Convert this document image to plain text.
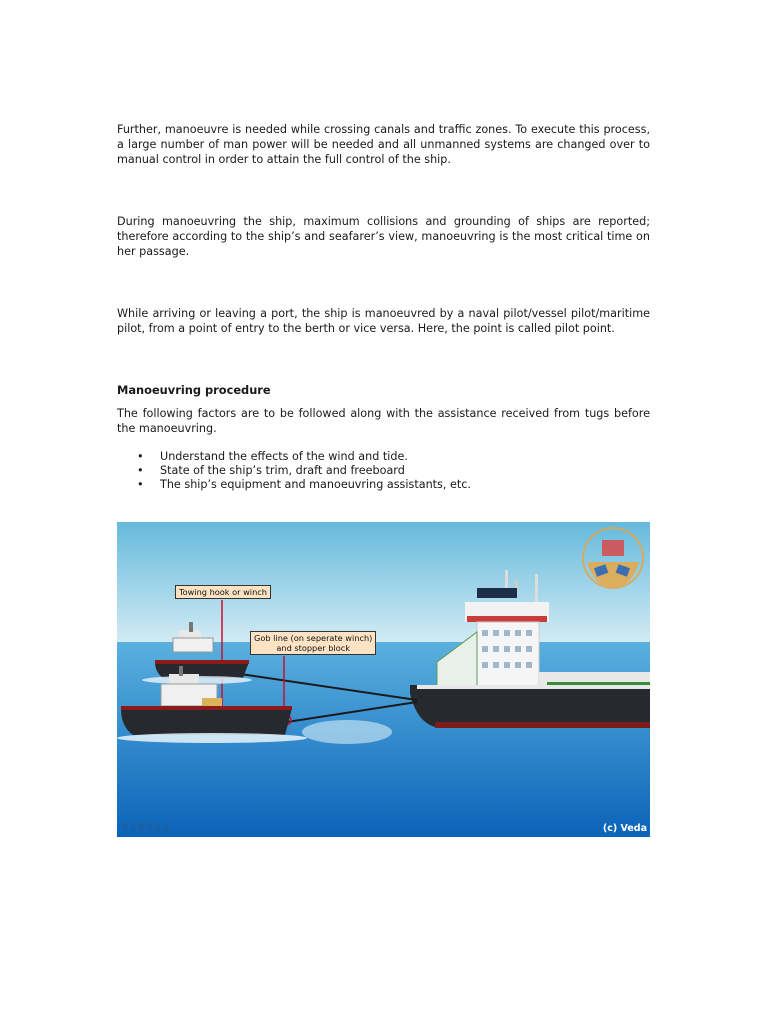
Further, manoeuvre is needed while crossing canals and traffic zones. To execute this process, a large number of man power will be needed and all unmanned systems are changed over to manual control in order to attain the full control of the ship.

During manoeuvring the ship, maximum collisions and grounding of ships are reported; therefore according to the ship’s and seafarer’s view, manoeuvring is the most critical time on her passage.

While arriving or leaving a port, the ship is manoeuvred by a naval pilot/vessel pilot/maritime pilot, from a point of entry to the berth or vice versa. Here, the point is called pilot point.

Manoeuvring procedure

The following factors are to be followed along with the assistance received from tugs before the manoeuvring.

• Understand the effects of the wind and tide.
• State of the ship’s trim, draft and freeboard
• The ship’s equipment and manoeuvring assistants, etc.
Towing hook or winch
Gob line (on seperate winch)
and stopper block
718032	(c) Veda
